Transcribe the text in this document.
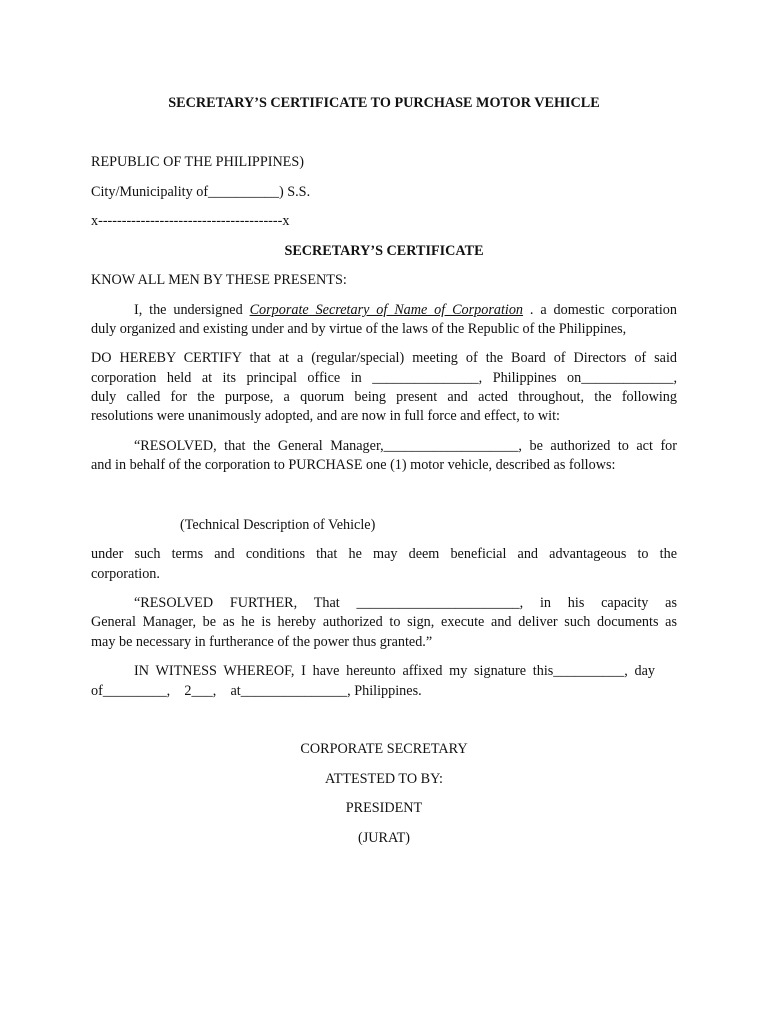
SECRETARY’S CERTIFICATE TO PURCHASE MOTOR VEHICLE
REPUBLIC OF THE PHILIPPINES)
City/Municipality of__________) S.S.
x---------------------------------------x
SECRETARY’S CERTIFICATE
KNOW ALL MEN BY THESE PRESENTS:
I, the undersigned Corporate Secretary of Name of Corporation . a domestic corporation
duly organized and existing under and by virtue of the laws of the Republic of the Philippines,
DO HEREBY CERTIFY that at a (regular/special) meeting of the Board of Directors of said
corporation held at its principal office in _______________, Philippines on_____________,
duly called for the purpose, a quorum being present and acted throughout, the following
resolutions were unanimously adopted, and are now in full force and effect, to wit:
“RESOLVED, that the General Manager,___________________, be authorized to act for
and in behalf of the corporation to PURCHASE one (1) motor vehicle, described as follows:
(Technical Description of Vehicle)
under such terms and conditions that he may deem beneficial and advantageous to the
corporation.
“RESOLVED FURTHER, That _______________________, in his capacity as
General Manager, be as he is hereby authorized to sign, execute and deliver such documents as
may be necessary in furtherance of the power thus granted.”
IN WITNESS WHEREOF, I have hereunto affixed my signature this__________, day
of_________,    2___,    at_______________, Philippines.
CORPORATE SECRETARY
ATTESTED TO BY:
PRESIDENT
(JURAT)
